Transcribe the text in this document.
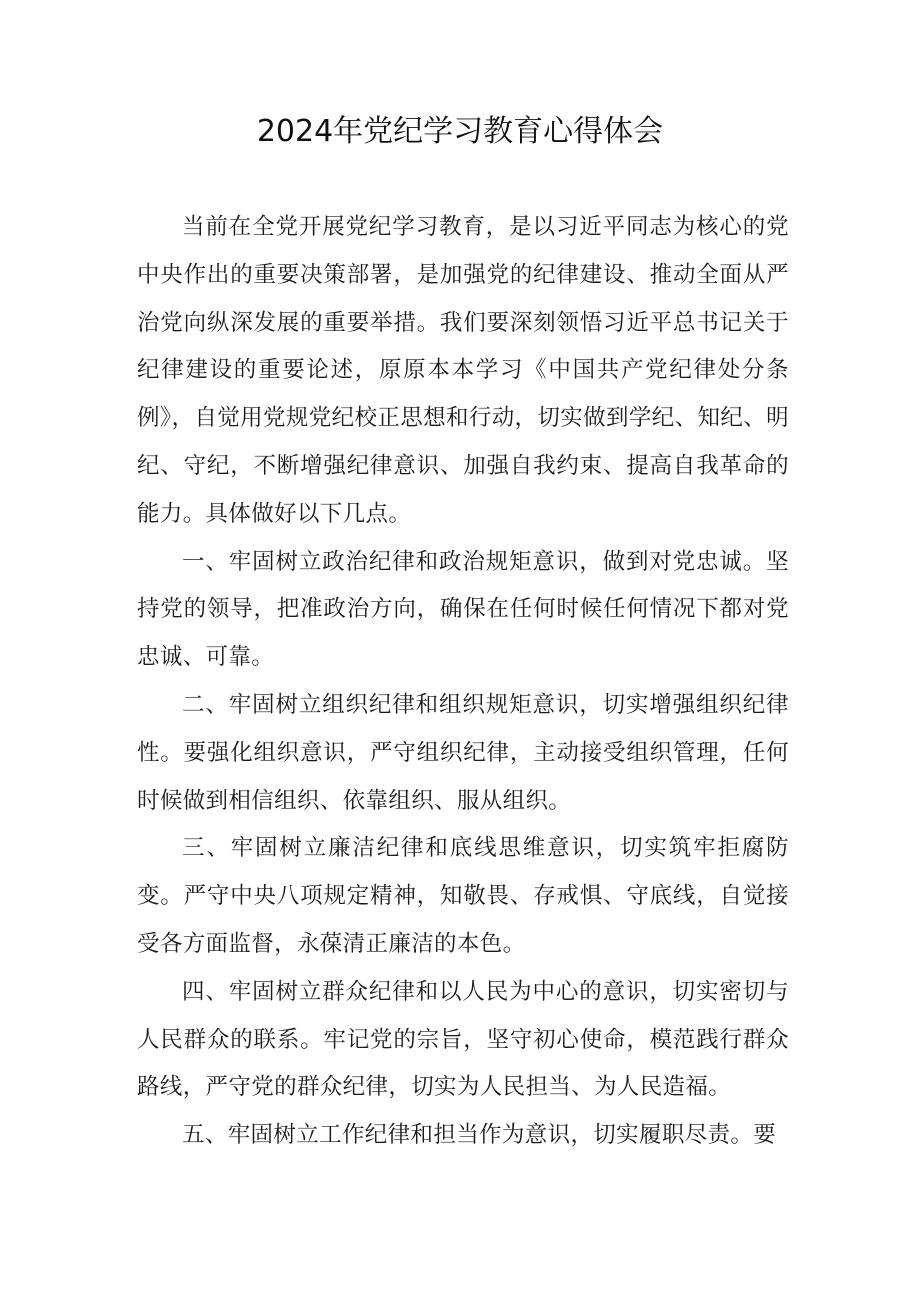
2024年党纪学习教育心得体会

当前在全党开展党纪学习教育，是以习近平同志为核心的党中央作出的重要决策部署，是加强党的纪律建设、推动全面从严治党向纵深发展的重要举措。我们要深刻领悟习近平总书记关于纪律建设的重要论述，原原本本学习《中国共产党纪律处分条例》，自觉用党规党纪校正思想和行动，切实做到学纪、知纪、明纪、守纪，不断增强纪律意识、加强自我约束、提高自我革命的能力。具体做好以下几点。

一、牢固树立政治纪律和政治规矩意识，做到对党忠诚。坚持党的领导，把准政治方向，确保在任何时候任何情况下都对党忠诚、可靠。

二、牢固树立组织纪律和组织规矩意识，切实增强组织纪律性。要强化组织意识，严守组织纪律，主动接受组织管理，任何时候做到相信组织、依靠组织、服从组织。

三、牢固树立廉洁纪律和底线思维意识，切实筑牢拒腐防变。严守中央八项规定精神，知敬畏、存戒惧、守底线，自觉接受各方面监督，永葆清正廉洁的本色。

四、牢固树立群众纪律和以人民为中心的意识，切实密切与人民群众的联系。牢记党的宗旨，坚守初心使命，模范践行群众路线，严守党的群众纪律，切实为人民担当、为人民造福。

五、牢固树立工作纪律和担当作为意识，切实履职尽责。要
